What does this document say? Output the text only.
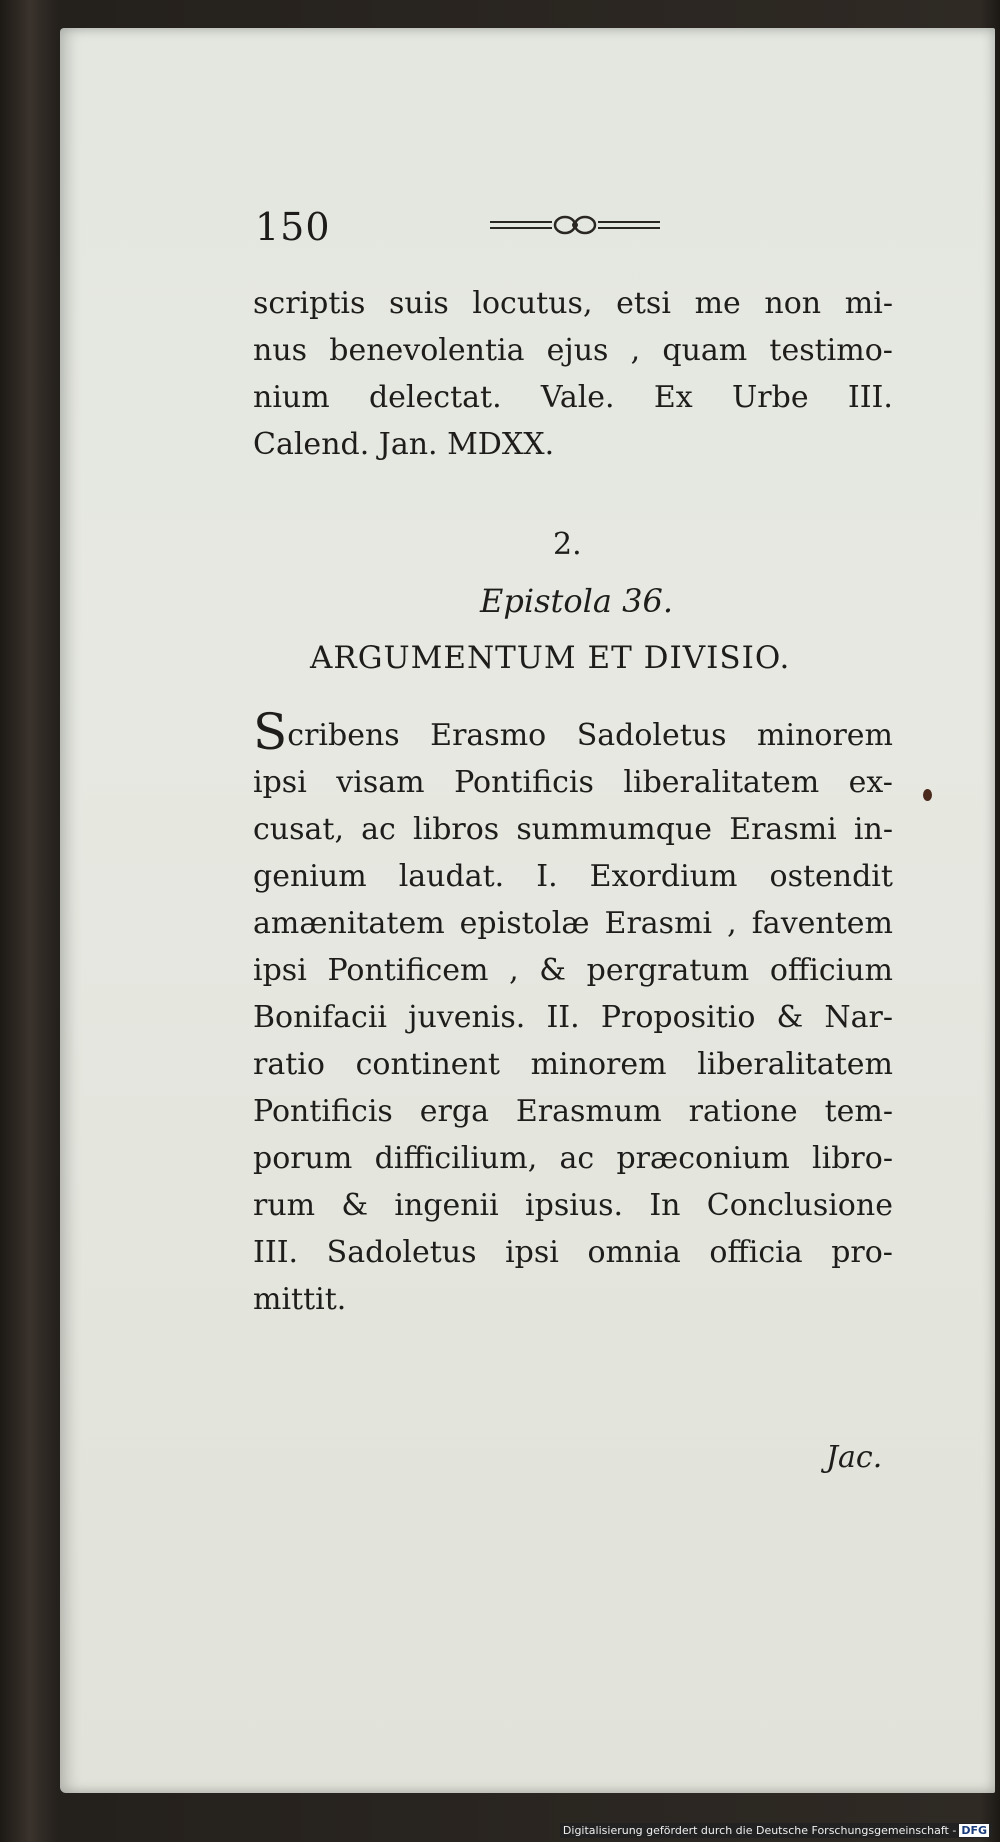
150
scriptis suis locutus, etsi me non mi-
nus benevolentia ejus , quam testimo-
nium delectat. Vale. Ex Urbe III.
Calend. Jan. MDXX.
2.
Epistola 36.
ARGUMENTUM ET DIVISIO.
S cribens Erasmo Sadoletus minorem
ipsi visam Pontificis liberalitatem ex-
cusat, ac libros summumque Erasmi in-
genium laudat. I. Exordium ostendit
amænitatem epistolæ Erasmi , faventem
ipsi Pontificem , & pergratum officium
Bonifacii juvenis. II. Propositio & Nar-
ratio continent minorem liberalitatem
Pontificis erga Erasmum ratione tem-
porum difficilium, ac præconium libro-
rum & ingenii ipsius. In Conclusione
III. Sadoletus ipsi omnia officia pro-
mittit.
Jac.
Digitalisierung gefördert durch die Deutsche Forschungsgemeinschaft - DFG
